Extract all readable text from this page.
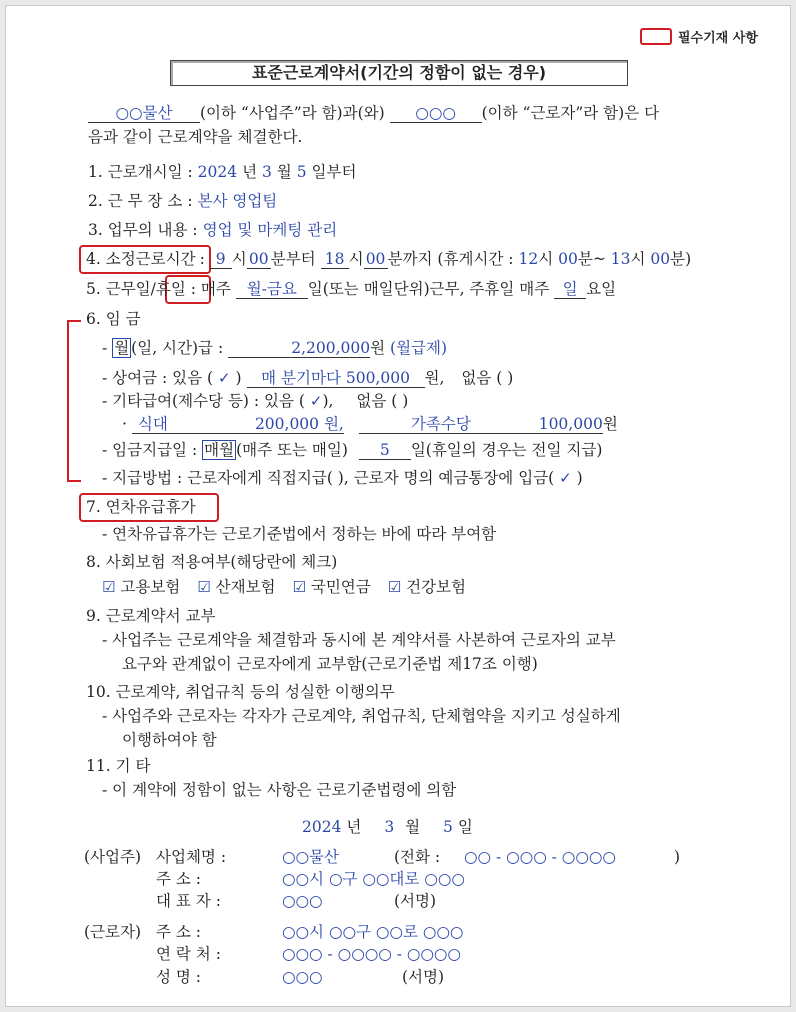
필수기재 사항
표준근로계약서(기간의 정함이 없는 경우)
○○물산 (이하 “사업주”라 함)과(와) ○○○ (이하 “근로자”라 함)은 다
음과 같이 근로계약을 체결한다.
1. 근로개시일 : 2024 년 3 월 5 일부터
2. 근 무 장 소 : 본사 영업팀
3. 업무의 내용 : 영업 및 마케팅 관리
4. 소정근로시간 : 9 시 00 분부터 18 시 00 분까지 (휴게시간 : 12시 00분~ 13시 00분)
5. 근무일/휴일 : 매주 월-금요 일(또는 매일단위)근무, 주휴일 매주 일 요일
6. 임 금
- 월 (일, 시간)급 :	2,200,000원 (월급제)
- 상여금 : 있음 ( ✓ ) 매 분기마다 500,000 원, 없음 ( )
- 기타급여(제수당 등) : 있음 ( ✓), 없음 ( )
· 식대	200,000 원,	가족수당	100,000원
- 임금지급일 : 매월 (매주 또는 매일) 5 일(휴일의 경우는 전일 지급)
- 지급방법 : 근로자에게 직접지급( ), 근로자 명의 예금통장에 입금( ✓ )
7. 연차유급휴가
- 연차유급휴가는 근로기준법에서 정하는 바에 따라 부여함
8. 사회보험 적용여부(해당란에 체크)
☑ 고용보험 ☑ 산재보험 ☑ 국민연금 ☑ 건강보험
9. 근로계약서 교부
- 사업주는 근로계약을 체결함과 동시에 본 계약서를 사본하여 근로자의 교부
요구와 관계없이 근로자에게 교부함(근로기준법 제17조 이행)
10. 근로계약, 취업규칙 등의 성실한 이행의무
- 사업주와 근로자는 각자가 근로계약, 취업규칙, 단체협약을 지키고 성실하게
이행하여야 함
11. 기 타
- 이 계약에 정함이 없는 사항은 근로기준법령에 의함
2024 년 3 월 5 일
(사업주) 사업체명 :	○○물산	(전화 : ○○ - ○○○ - ○○○○	)
주 소 :	○○시 ○구 ○○대로 ○○○
대 표 자 :	○○○	(서명)
(근로자) 주 소 :	○○시 ○○구 ○○로 ○○○
연 락 처 :	○○○ - ○○○○ - ○○○○
성 명 :	○○○	(서명)
